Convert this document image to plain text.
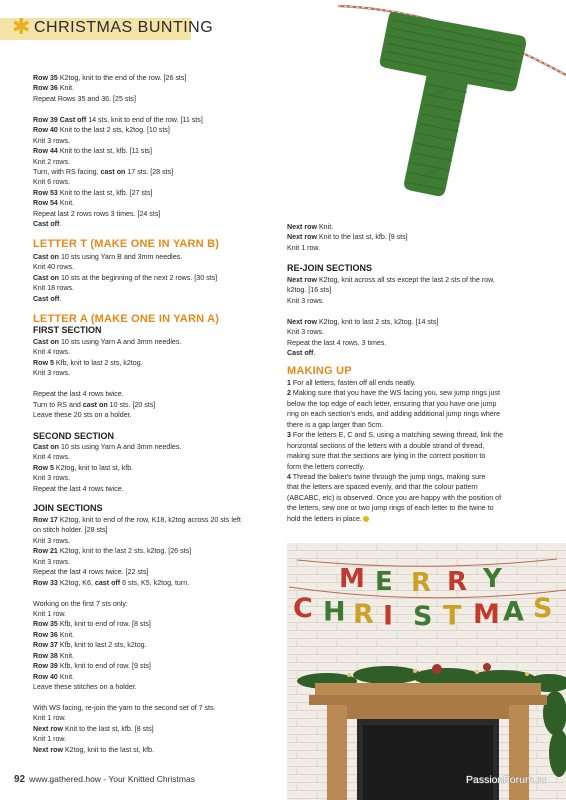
✱ CHRISTMAS BUNTING
Row 35 K2tog, knit to the end of the row. [26 sts]
Row 36 Knit.
Repeat Rows 35 and 36. [25 sts]
Row 39 Cast off 14 sts, knit to end of the row. [11 sts]
Row 40 Knit to the last 2 sts, k2tog. [10 sts]
Knit 3 rows.
Row 44 Knit to the last st, kfb. [11 sts]
Knit 2 rows.
Turn, with RS facing, cast on 17 sts. [28 sts]
Knit 6 rows.
Row 53 Knit to the last st, kfb. [27 sts]
Row 54 Knit.
Repeat last 2 rows rows 3 times. [24 sts]
Cast off.
LETTER T (MAKE ONE IN YARN B)
Cast on 10 sts using Yarn B and 3mm needles.
Knit 40 rows.
Cast on 10 sts at the beginning of the next 2 rows. [30 sts]
Knit 18 rows.
Cast off.
LETTER A (MAKE ONE IN YARN A)
FIRST SECTION
Cast on 10 sts using Yarn A and 3mm needles.
Knit 4 rows.
Row 5 Kfb, knit to last 2 sts, k2tog.
Knit 3 rows.
Repeat the last 4 rows twice.
Turn to RS and cast on 10 sts. [20 sts]
Leave these 20 sts on a holder.
SECOND SECTION
Cast on 10 sts using Yarn A and 3mm needles.
Knit 4 rows.
Row 5 K2tog, knit to last st, kfb.
Knit 3 rows.
Repeat the last 4 rows twice.
JOIN SECTIONS
Row 17 K2tog, knit to end of the row, K18, k2tog across 20 sts left
on stitch holder. [28 sts]
Knit 3 rows.
Row 21 K2tog, knit to the last 2 sts, k2tog. [26 sts]
Knit 3 rows.
Repeat the last 4 rows twice. [22 sts]
Row 33 K2tog, K6, cast off 6 sts, K5, k2tog, turn.
Working on the first 7 sts only:
Knit 1 row.
Row 35 Kfb, knit to end of row. [8 sts]
Row 36 Knit.
Row 37 Kfb, knit to last 2 sts, k2tog.
Row 38 Knit.
Row 39 Kfb, knit to end of row. [9 sts]
Row 40 Knit.
Leave these stitches on a holder.
With WS facing, re-join the yarn to the second set of 7 sts.
Knit 1 row.
Next row Knit to the last st, kfb. [8 sts]
Knit 1 row.
Next row K2tog, knit to the last st, kfb.
Next row Knit.
Next row Knit to the last st, kfb. [9 sts]
Knit 1 row.
RE-JOIN SECTIONS
Next row K2tog, knit across all sts except the last 2 sts of the row,
k2tog. [16 sts]
Knit 3 rows.
Next row K2tog, knit to last 2 sts, k2tog. [14 sts]
Knit 3 rows.
Repeat the last 4 rows, 3 times.
Cast off.
MAKING UP
1 For all letters, fasten off all ends neatly.
2 Making sure that you have the WS facing you, sew jump rings just
below the top edge of each letter, ensuring that you have one jump
ring on each section's ends, and adding additional jump rings where
there is a gap larger than 5cm.
3 For the letters E, C and S, using a matching sewing thread, link the
horizontal sections of the letters with a double strand of thread,
making sure that the sections are lying in the correct position to
form the letters correctly.
4 Thread the baker's twine through the jump rings, making sure
that the letters are spaced evenly, and that the colour pattern
(ABCABC, etc) is observed. Once you are happy with the position of
the letters, sew one or two jump rings of each letter to the twine to
hold the letters in place.
M E R R Y
C H R I S T M A S
92 www.gathered.how - Your Knitted Christmas	PassionForum.ru
